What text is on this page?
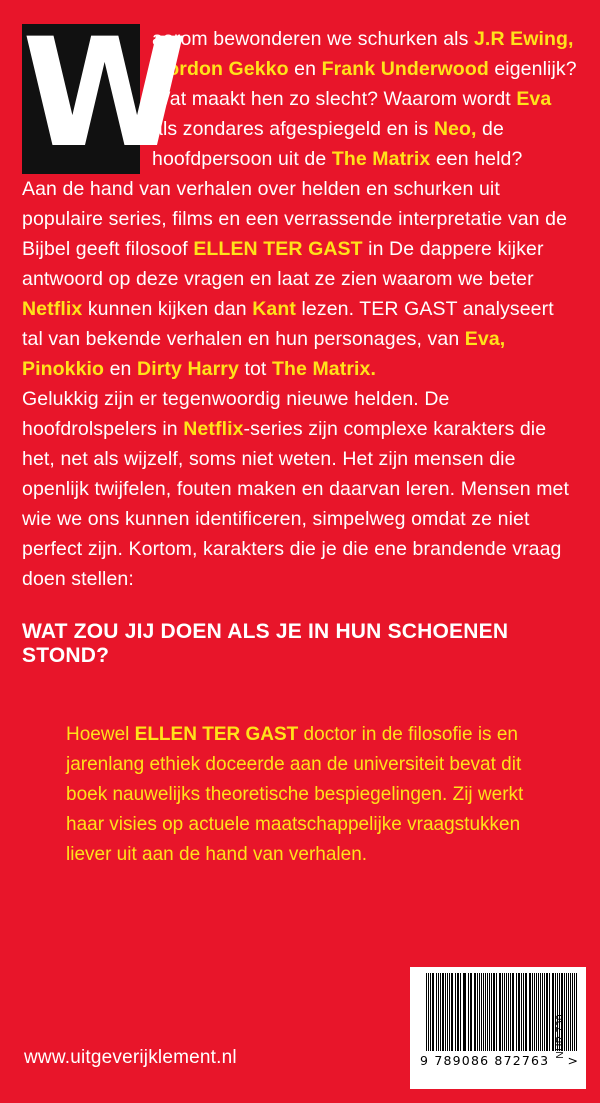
W

aarom bewonderen we schurken als J.R Ewing, Gordon Gekko en Frank Underwood eigenlijk? Wat maakt hen zo slecht? Waarom wordt Eva als zondares afgespiegeld en is Neo, de hoofdpersoon uit de The Matrix een held?

Aan de hand van verhalen over helden en schurken uit populaire series, films en een verrassende interpretatie van de Bijbel geeft filosoof ELLEN TER GAST in De dappere kijker antwoord op deze vragen en laat ze zien waarom we beter Netflix kunnen kijken dan Kant lezen. TER GAST analyseert tal van bekende verhalen en hun personages, van Eva, Pinokkio en Dirty Harry tot The Matrix.

Gelukkig zijn er tegenwoordig nieuwe helden. De hoofdrolspelers in Netflix-series zijn complexe karakters die het, net als wijzelf, soms niet weten. Het zijn mensen die openlijk twijfelen, fouten maken en daarvan leren. Mensen met wie we ons kunnen identificeren, simpelweg omdat ze niet perfect zijn. Kortom, karakters die je die ene brandende vraag doen stellen:

WAT ZOU JIJ DOEN ALS JE IN HUN SCHOENEN STOND?

Hoewel ELLEN TER GAST doctor in de filosofie is en jarenlang ethiek doceerde aan de universiteit bevat dit boek nauwelijks theoretische bespiegelingen. Zij werkt haar visies op actuele maatschappelijke vraagstukken liever uit aan de hand van verhalen.

www.uitgeverijklement.nl	9 789086 872763 >
NUR 730
